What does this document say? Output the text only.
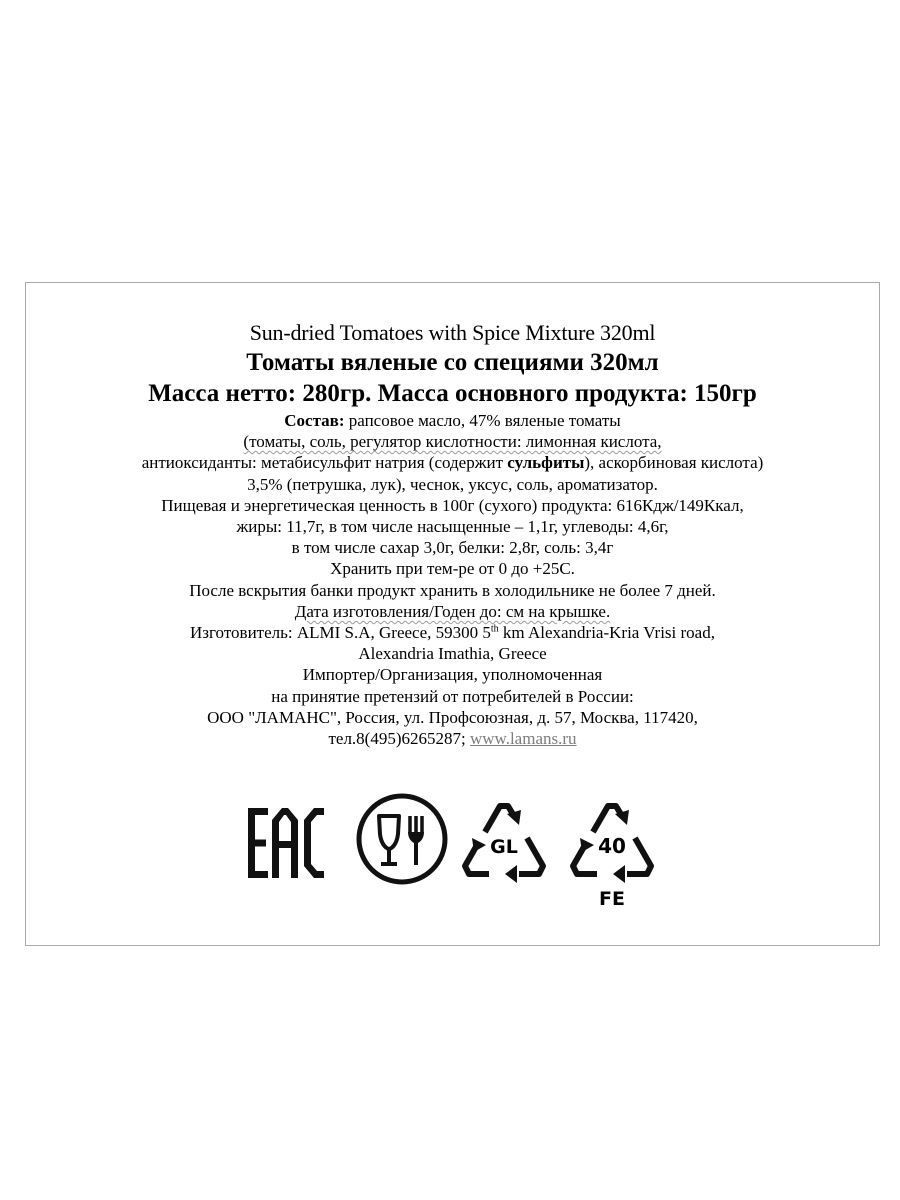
Sun-dried Tomatoes with Spice Mixture 320ml
Томаты вяленые со специями 320мл
Масса нетто: 280гр. Масса основного продукта: 150гр
Состав: рапсовое масло, 47% вяленые томаты
(томаты, соль, регулятор кислотности: лимонная кислота,
антиоксиданты: метабисульфит натрия (содержит сульфиты), аскорбиновая кислота)
3,5% (петрушка, лук), чеснок, уксус, соль, ароматизатор.
Пищевая и энергетическая ценность в 100г (сухого) продукта: 616Кдж/149Ккал,
жиры: 11,7г, в том числе насыщенные – 1,1г, углеводы: 4,6г,
в том числе сахар 3,0г, белки: 2,8г, соль: 3,4г
Хранить при тем-ре от 0 до +25С.
После вскрытия банки продукт хранить в холодильнике не более 7 дней.
Дата изготовления/Годен до: см на крышке.
Изготовитель: ALMI S.A, Greece, 59300 5th km Alexandria-Kria Vrisi road,
Alexandria Imathia, Greece
Импортер/Организация, уполномоченная
на принятие претензий от потребителей в России:
ООО "ЛАМАНС", Россия, ул. Профсоюзная, д. 57, Москва, 117420,
тел.8(495)6265287; www.lamans.ru
GL	40
FE
